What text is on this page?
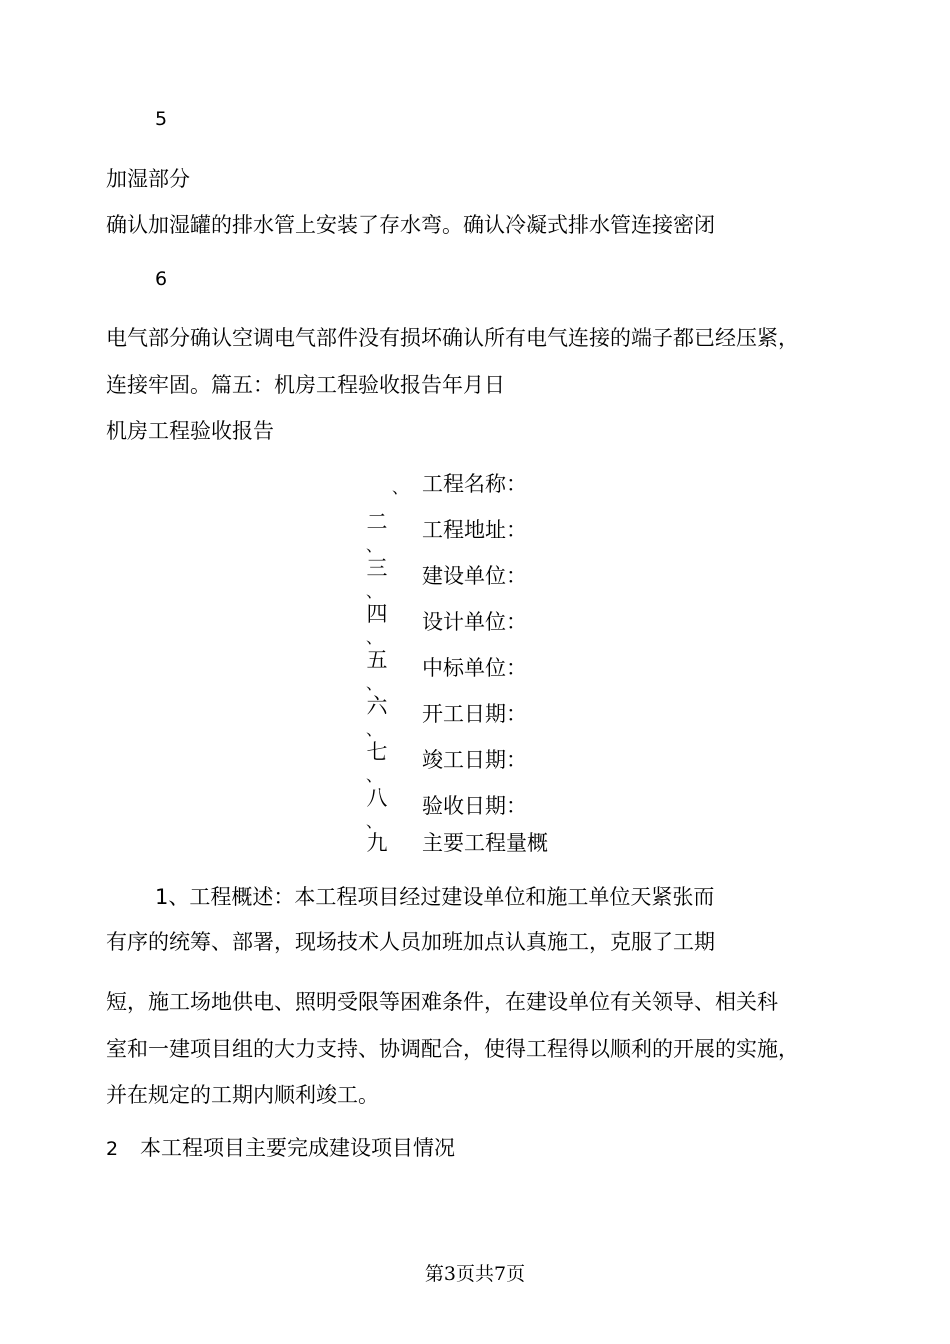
5
加湿部分
确认加湿罐的排水管上安装了存水弯。确认冷凝式排水管连接密闭
6
电气部分确认空调电气部件没有损坏确认所有电气连接的端子都已经压紧，
连接牢固。篇五：机房工程验收报告年月日
机房工程验收报告
、 工程名称：
二
、
工程地址：
三
、
建设单位：
四
、
设计单位：
五
、
中标单位：
六
、
开工日期：
七
、
竣工日期：
八
、
验收日期：
九 主要工程量概
1、工程概述：本工程项目经过建设单位和施工单位天紧张而
有序的统筹、部署，现场技术人员加班加点认真施工，克服了工期
短，施工场地供电、照明受限等困难条件，在建设单位有关领导、相关科
室和一建项目组的大力支持、协调配合，使得工程得以顺利的开展的实施，
并在规定的工期内顺利竣工。
2 本工程项目主要完成建设项目情况
第3页共7页
